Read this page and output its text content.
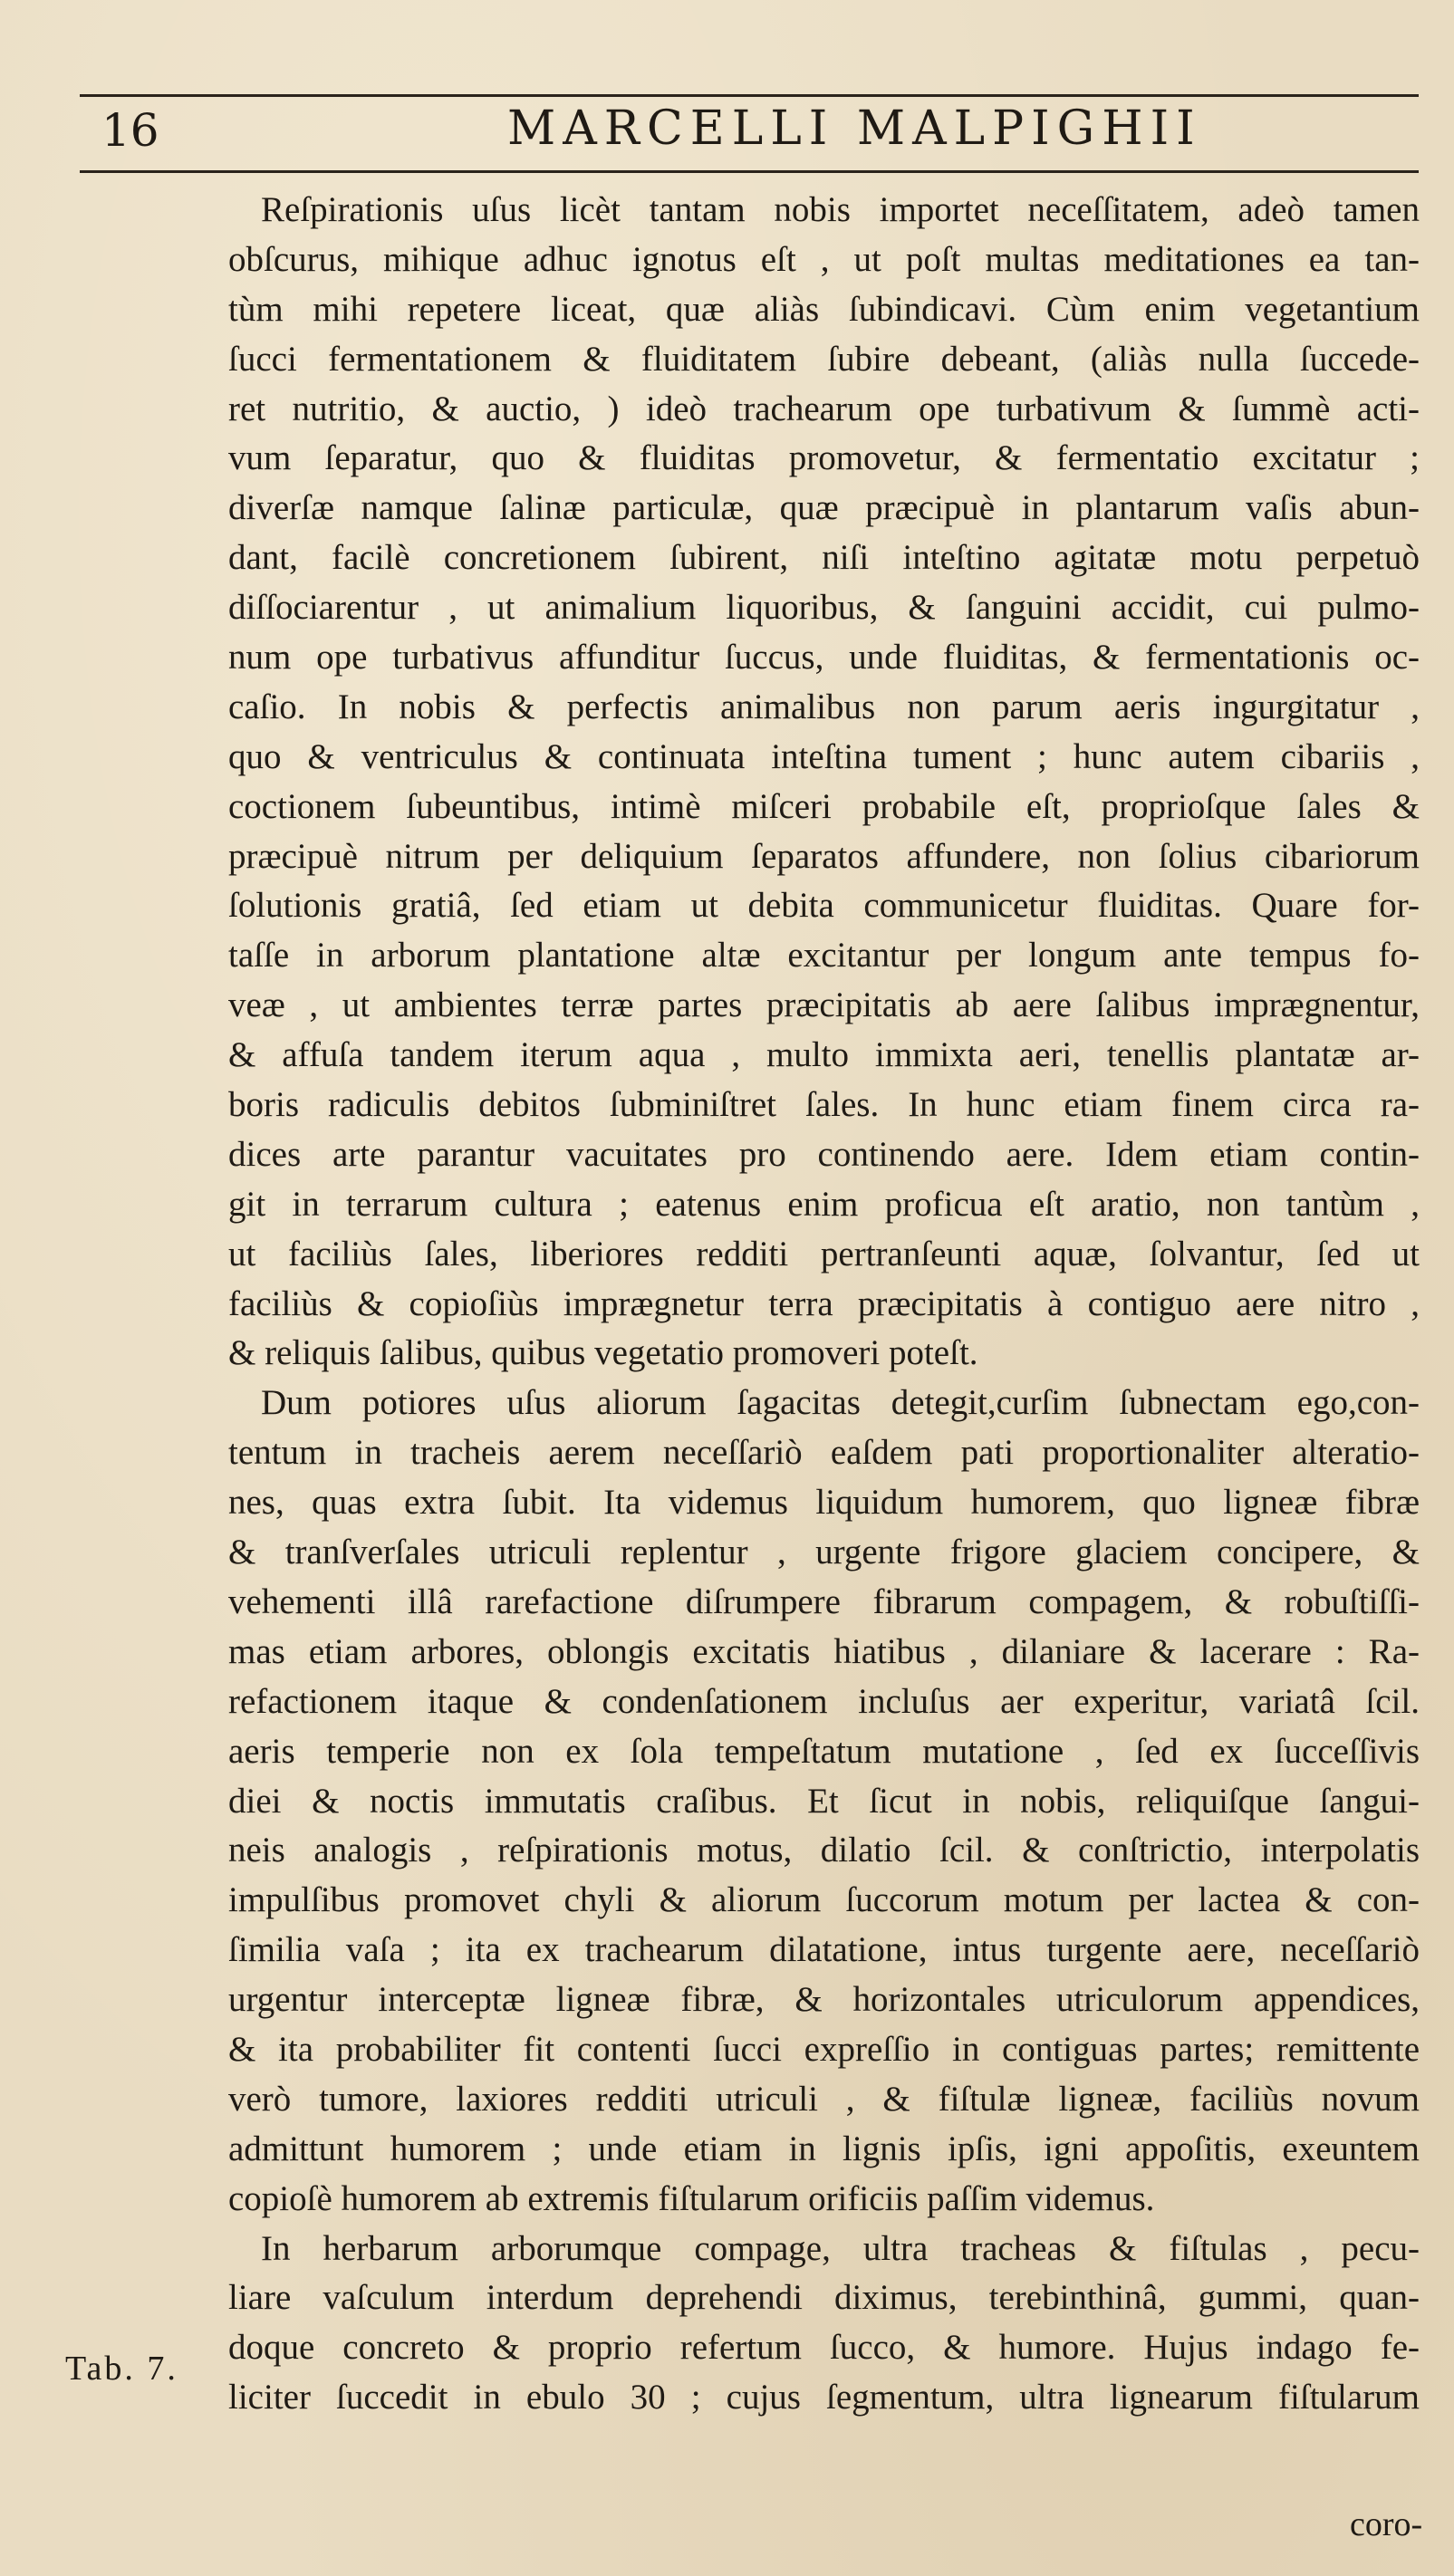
16	MARCELLI MALPIGHII
Reſpirationis uſus licèt tantam nobis importet neceſſitatem, adeò tamen
obſcurus, mihique adhuc ignotus eſt , ut poſt multas meditationes ea tan-
tùm mihi repetere liceat, quæ aliàs ſubindicavi. Cùm enim vegetantium
ſucci fermentationem & fluiditatem ſubire debeant, (aliàs nulla ſuccede-
ret nutritio, & auctio, ) ideò trachearum ope turbativum & ſummè acti-
vum ſeparatur, quo & fluiditas promovetur, & fermentatio excitatur ;
diverſæ namque ſalinæ particulæ, quæ præcipuè in plantarum vaſis abun-
dant, facilè concretionem ſubirent, niſi inteſtino agitatæ motu perpetuò
diſſociarentur , ut animalium liquoribus, & ſanguini accidit, cui pulmo-
num ope turbativus affunditur ſuccus, unde fluiditas, & fermentationis oc-
caſio. In nobis & perfectis animalibus non parum aeris ingurgitatur ,
quo & ventriculus & continuata inteſtina tument ; hunc autem cibariis ,
coctionem ſubeuntibus, intimè miſceri probabile eſt, proprioſque ſales &
præcipuè nitrum per deliquium ſeparatos affundere, non ſolius cibariorum
ſolutionis gratiâ, ſed etiam ut debita communicetur fluiditas. Quare for-
taſſe in arborum plantatione altæ excitantur per longum ante tempus fo-
veæ , ut ambientes terræ partes præcipitatis ab aere ſalibus imprægnentur,
& affuſa tandem iterum aqua , multo immixta aeri, tenellis plantatæ ar-
boris radiculis debitos ſubminiſtret ſales. In hunc etiam finem circa ra-
dices arte parantur vacuitates pro continendo aere. Idem etiam contin-
git in terrarum cultura ; eatenus enim proficua eſt aratio, non tantùm ,
ut faciliùs ſales, liberiores redditi pertranſeunti aquæ, ſolvantur, ſed ut
faciliùs & copioſiùs imprægnetur terra præcipitatis à contiguo aere nitro ,
& reliquis ſalibus, quibus vegetatio promoveri poteſt.
Dum potiores uſus aliorum ſagacitas detegit,curſim ſubnectam ego,con-
tentum in tracheis aerem neceſſariò eaſdem pati proportionaliter alteratio-
nes, quas extra ſubit. Ita videmus liquidum humorem, quo ligneæ fibræ
& tranſverſales utriculi replentur , urgente frigore glaciem concipere, &
vehementi illâ rarefactione diſrumpere fibrarum compagem, & robuſtiſſi-
mas etiam arbores, oblongis excitatis hiatibus , dilaniare & lacerare : Ra-
refactionem itaque & condenſationem incluſus aer experitur, variatâ ſcil.
aeris temperie non ex ſola tempeſtatum mutatione , ſed ex ſucceſſivis
diei & noctis immutatis craſibus. Et ſicut in nobis, reliquiſque ſangui-
neis analogis , reſpirationis motus, dilatio ſcil. & conſtrictio, interpolatis
impulſibus promovet chyli & aliorum ſuccorum motum per lactea & con-
ſimilia vaſa ; ita ex trachearum dilatatione, intus turgente aere, neceſſariò
urgentur interceptæ ligneæ fibræ, & horizontales utriculorum appendices,
& ita probabiliter fit contenti ſucci expreſſio in contiguas partes; remittente
verò tumore, laxiores redditi utriculi , & fiſtulæ ligneæ, faciliùs novum
admittunt humorem ; unde etiam in lignis ipſis, igni appoſitis, exeuntem
copioſè humorem ab extremis fiſtularum orificiis paſſim videmus.
In herbarum arborumque compage, ultra tracheas & fiſtulas , pecu-
liare vaſculum interdum deprehendi diximus, terebinthinâ, gummi, quan-
doque concreto & proprio refertum ſucco, & humore. Hujus indago fe-
liciter ſuccedit in ebulo 30 ; cujus ſegmentum, ultra lignearum fiſtularum
Tab. 7.
coro-
